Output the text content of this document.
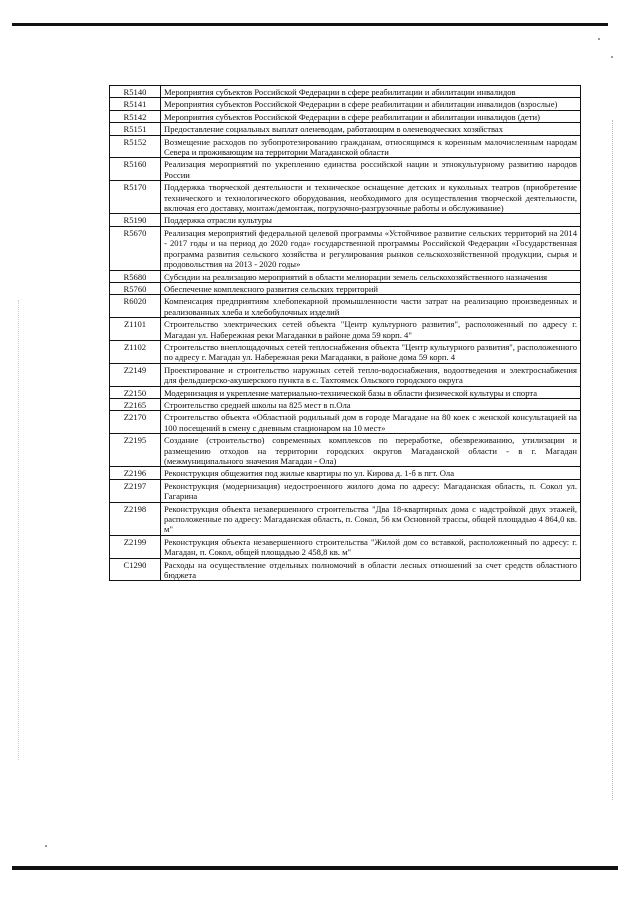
R5140	Мероприятия субъектов Российской Федерации в сфере реабилитации и абилитации инвалидов
R5141	Мероприятия субъектов Российской Федерации в сфере реабилитации и абилитации инвалидов (взрослые)
R5142	Мероприятия субъектов Российской Федерации в сфере реабилитации и абилитации инвалидов (дети)
R5151	Предоставление социальных выплат оленеводам, работающим в оленеводческих хозяйствах
R5152	Возмещение расходов по зубопротезированию гражданам, относящимся к коренным малочисленным народам Севера и проживающим на территории Магаданской области
R5160	Реализация мероприятий по укреплению единства российской нации и этнокультурному развитию народов России
R5170	Поддержка творческой деятельности и техническое оснащение детских и кукольных театров (приобретение технического и технологического оборудования, необходимого для осуществления творческой деятельности, включая его доставку, монтаж/демонтаж, погрузочно-разгрузочные работы и обслуживание)
R5190	Поддержка отрасли культуры
R5670	Реализация мероприятий федеральной целевой программы «Устойчивое развитие сельских территорий на 2014 - 2017 годы и на период до 2020 года» государственной программы Российской Федерации «Государственная программа развития сельского хозяйства и регулирования рынков сельскохозяйственной продукции, сырья и продовольствия на 2013 - 2020 годы»
R5680	Субсидии на реализацию мероприятий в области мелиорации земель сельскохозяйственного назначения
R5760	Обеспечение комплексного развития сельских территорий
R6020	Компенсация предприятиям хлебопекарной промышленности части затрат на реализацию произведенных и реализованных хлеба и хлебобулочных изделий
Z1101	Строительство электрических сетей объекта "Центр культурного развития", расположенный по адресу г. Магадан ул. Набережная реки Магаданки в районе дома 59 корп. 4"
Z1102	Строительство внеплощадочных сетей теплоснабжения объекта "Центр культурного развития", расположенного по адресу г. Магадан ул. Набережная реки Магаданки, в районе дома 59 корп. 4
Z2149	Проектирование и строительство наружных сетей тепло-водоснабжения, водоотведения и электроснабжения для фельдшерско-акушерского пункта в с. Тахтоямск Ольского городского округа
Z2150	Модернизация и укрепление материально-технической базы в области физической культуры и спорта
Z2165	Строительство средней школы на 825 мест в п.Ола
Z2170	Строительство объекта «Областной родильный дом в городе Магадане на 80 коек с женской консультацией на 100 посещений в смену с дневным стационаром на 10 мест»
Z2195	Создание (строительство) современных комплексов по переработке, обезвреживанию, утилизации и размещению отходов на территории городских округов Магаданской области - в г. Магадан (межмуниципального значения Магадан - Ола)
Z2196	Реконструкция общежития под жилые квартиры по ул. Кирова д. 1-б в пгт. Ола
Z2197	Реконструкция (модернизация) недостроенного жилого дома по адресу: Магаданская область, п. Сокол ул. Гагарина
Z2198	Реконструкция объекта незавершенного строительства "Два 18-квартирных дома с надстройкой двух этажей, расположенные по адресу: Магаданская область, п. Сокол, 56 км Основной трассы, общей площадью 4 864,0 кв. м"
Z2199	Реконструкция объекта незавершенного строительства "Жилой дом со вставкой, расположенный по адресу: г. Магадан, п. Сокол, общей площадью 2 458,8 кв. м"
С1290	Расходы на осуществление отдельных полномочий в области лесных отношений за счет средств областного бюджета
